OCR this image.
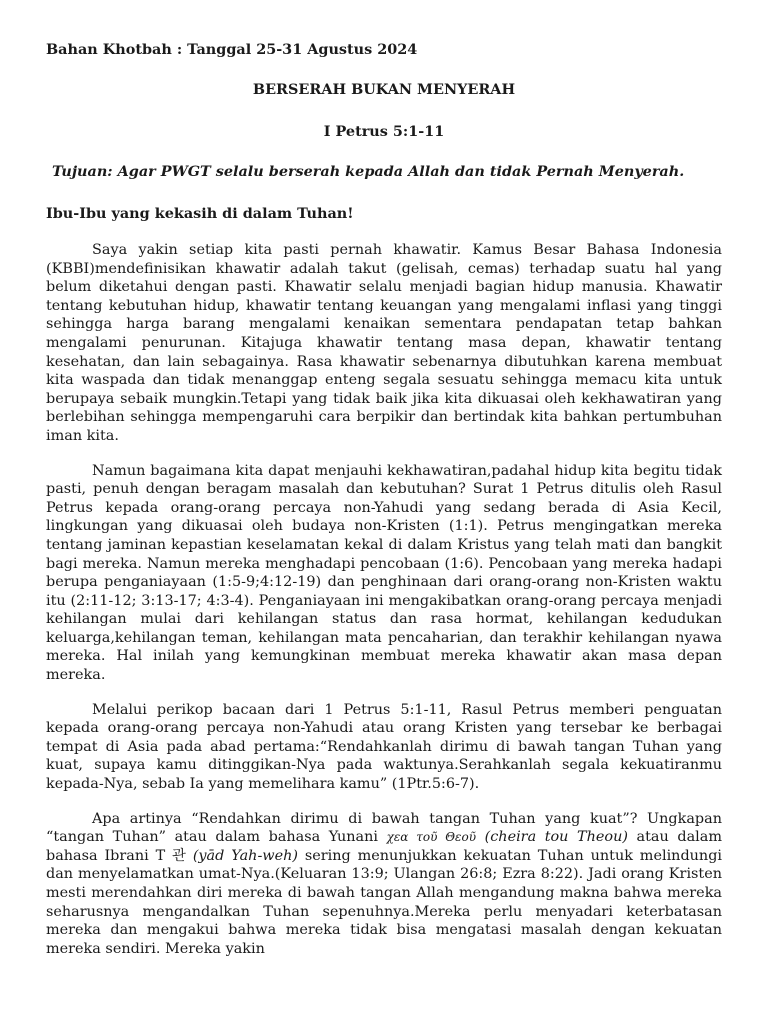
Bahan Khotbah : Tanggal 25-31 Agustus 2024

BERSERAH BUKAN MENYERAH

I Petrus 5:1-11

Tujuan: Agar PWGT selalu berserah kepada Allah dan tidak Pernah Menyerah.

Ibu-Ibu yang kekasih di dalam Tuhan!

Saya yakin setiap kita pasti pernah khawatir. Kamus Besar Bahasa Indonesia (KBBI)mendefinisikan khawatir adalah takut (gelisah, cemas) terhadap suatu hal yang belum diketahui dengan pasti. Khawatir selalu menjadi bagian hidup manusia. Khawatir tentang kebutuhan hidup, khawatir tentang keuangan yang mengalami inflasi yang tinggi sehingga harga barang mengalami kenaikan sementara pendapatan tetap bahkan mengalami penurunan. Kitajuga khawatir tentang masa depan, khawatir tentang kesehatan, dan lain sebagainya. Rasa khawatir sebenarnya dibutuhkan karena membuat kita waspada dan tidak menanggap enteng segala sesuatu sehingga memacu kita untuk berupaya sebaik mungkin.Tetapi yang tidak baik jika kita dikuasai oleh kekhawatiran yang berlebihan sehingga mempengaruhi cara berpikir dan bertindak kita bahkan pertumbuhan iman kita.

Namun bagaimana kita dapat menjauhi kekhawatiran,padahal hidup kita begitu tidak pasti, penuh dengan beragam masalah dan kebutuhan? Surat 1 Petrus ditulis oleh Rasul Petrus kepada orang-orang percaya non-Yahudi yang sedang berada di Asia Kecil, lingkungan yang dikuasai oleh budaya non-Kristen (1:1). Petrus mengingatkan mereka tentang jaminan kepastian keselamatan kekal di dalam Kristus yang telah mati dan bangkit bagi mereka. Namun mereka menghadapi pencobaan (1:6). Pencobaan yang mereka hadapi berupa penganiayaan (1:5-9;4:12-19) dan penghinaan dari orang-orang non-Kristen waktu itu (2:11-12; 3:13-17; 4:3-4). Penganiayaan ini mengakibatkan orang-orang percaya menjadi kehilangan mulai dari kehilangan status dan rasa hormat, kehilangan kedudukan keluarga,kehilangan teman, kehilangan mata pencaharian, dan terakhir kehilangan nyawa mereka. Hal inilah yang kemungkinan membuat mereka khawatir akan masa depan mereka.

Melalui perikop bacaan dari 1 Petrus 5:1-11, Rasul Petrus memberi penguatan kepada orang-orang percaya non-Yahudi atau orang Kristen yang tersebar ke berbagai tempat di Asia pada abad pertama:“Rendahkanlah dirimu di bawah tangan Tuhan yang kuat, supaya kamu ditinggikan-Nya pada waktunya.Serahkanlah segala kekuatiranmu kepada-Nya, sebab Ia yang memelihara kamu” (1Ptr.5:6-7).

Apa artinya “Rendahkan dirimu di bawah tangan Tuhan yang kuat”? Ungkapan “tangan Tuhan” atau dalam bahasa Yunani χεα τοῦ Θεοῦ (cheira tou Theou) atau dalam bahasa Ibrani T 관 (yād Yah-weh) sering menunjukkan kekuatan Tuhan untuk melindungi dan menyelamatkan umat-Nya.(Keluaran 13:9; Ulangan 26:8; Ezra 8:22). Jadi orang Kristen mesti merendahkan diri mereka di bawah tangan Allah mengandung makna bahwa mereka seharusnya mengandalkan Tuhan sepenuhnya.Mereka perlu menyadari keterbatasan mereka dan mengakui bahwa mereka tidak bisa mengatasi masalah dengan kekuatan mereka sendiri. Mereka yakin
